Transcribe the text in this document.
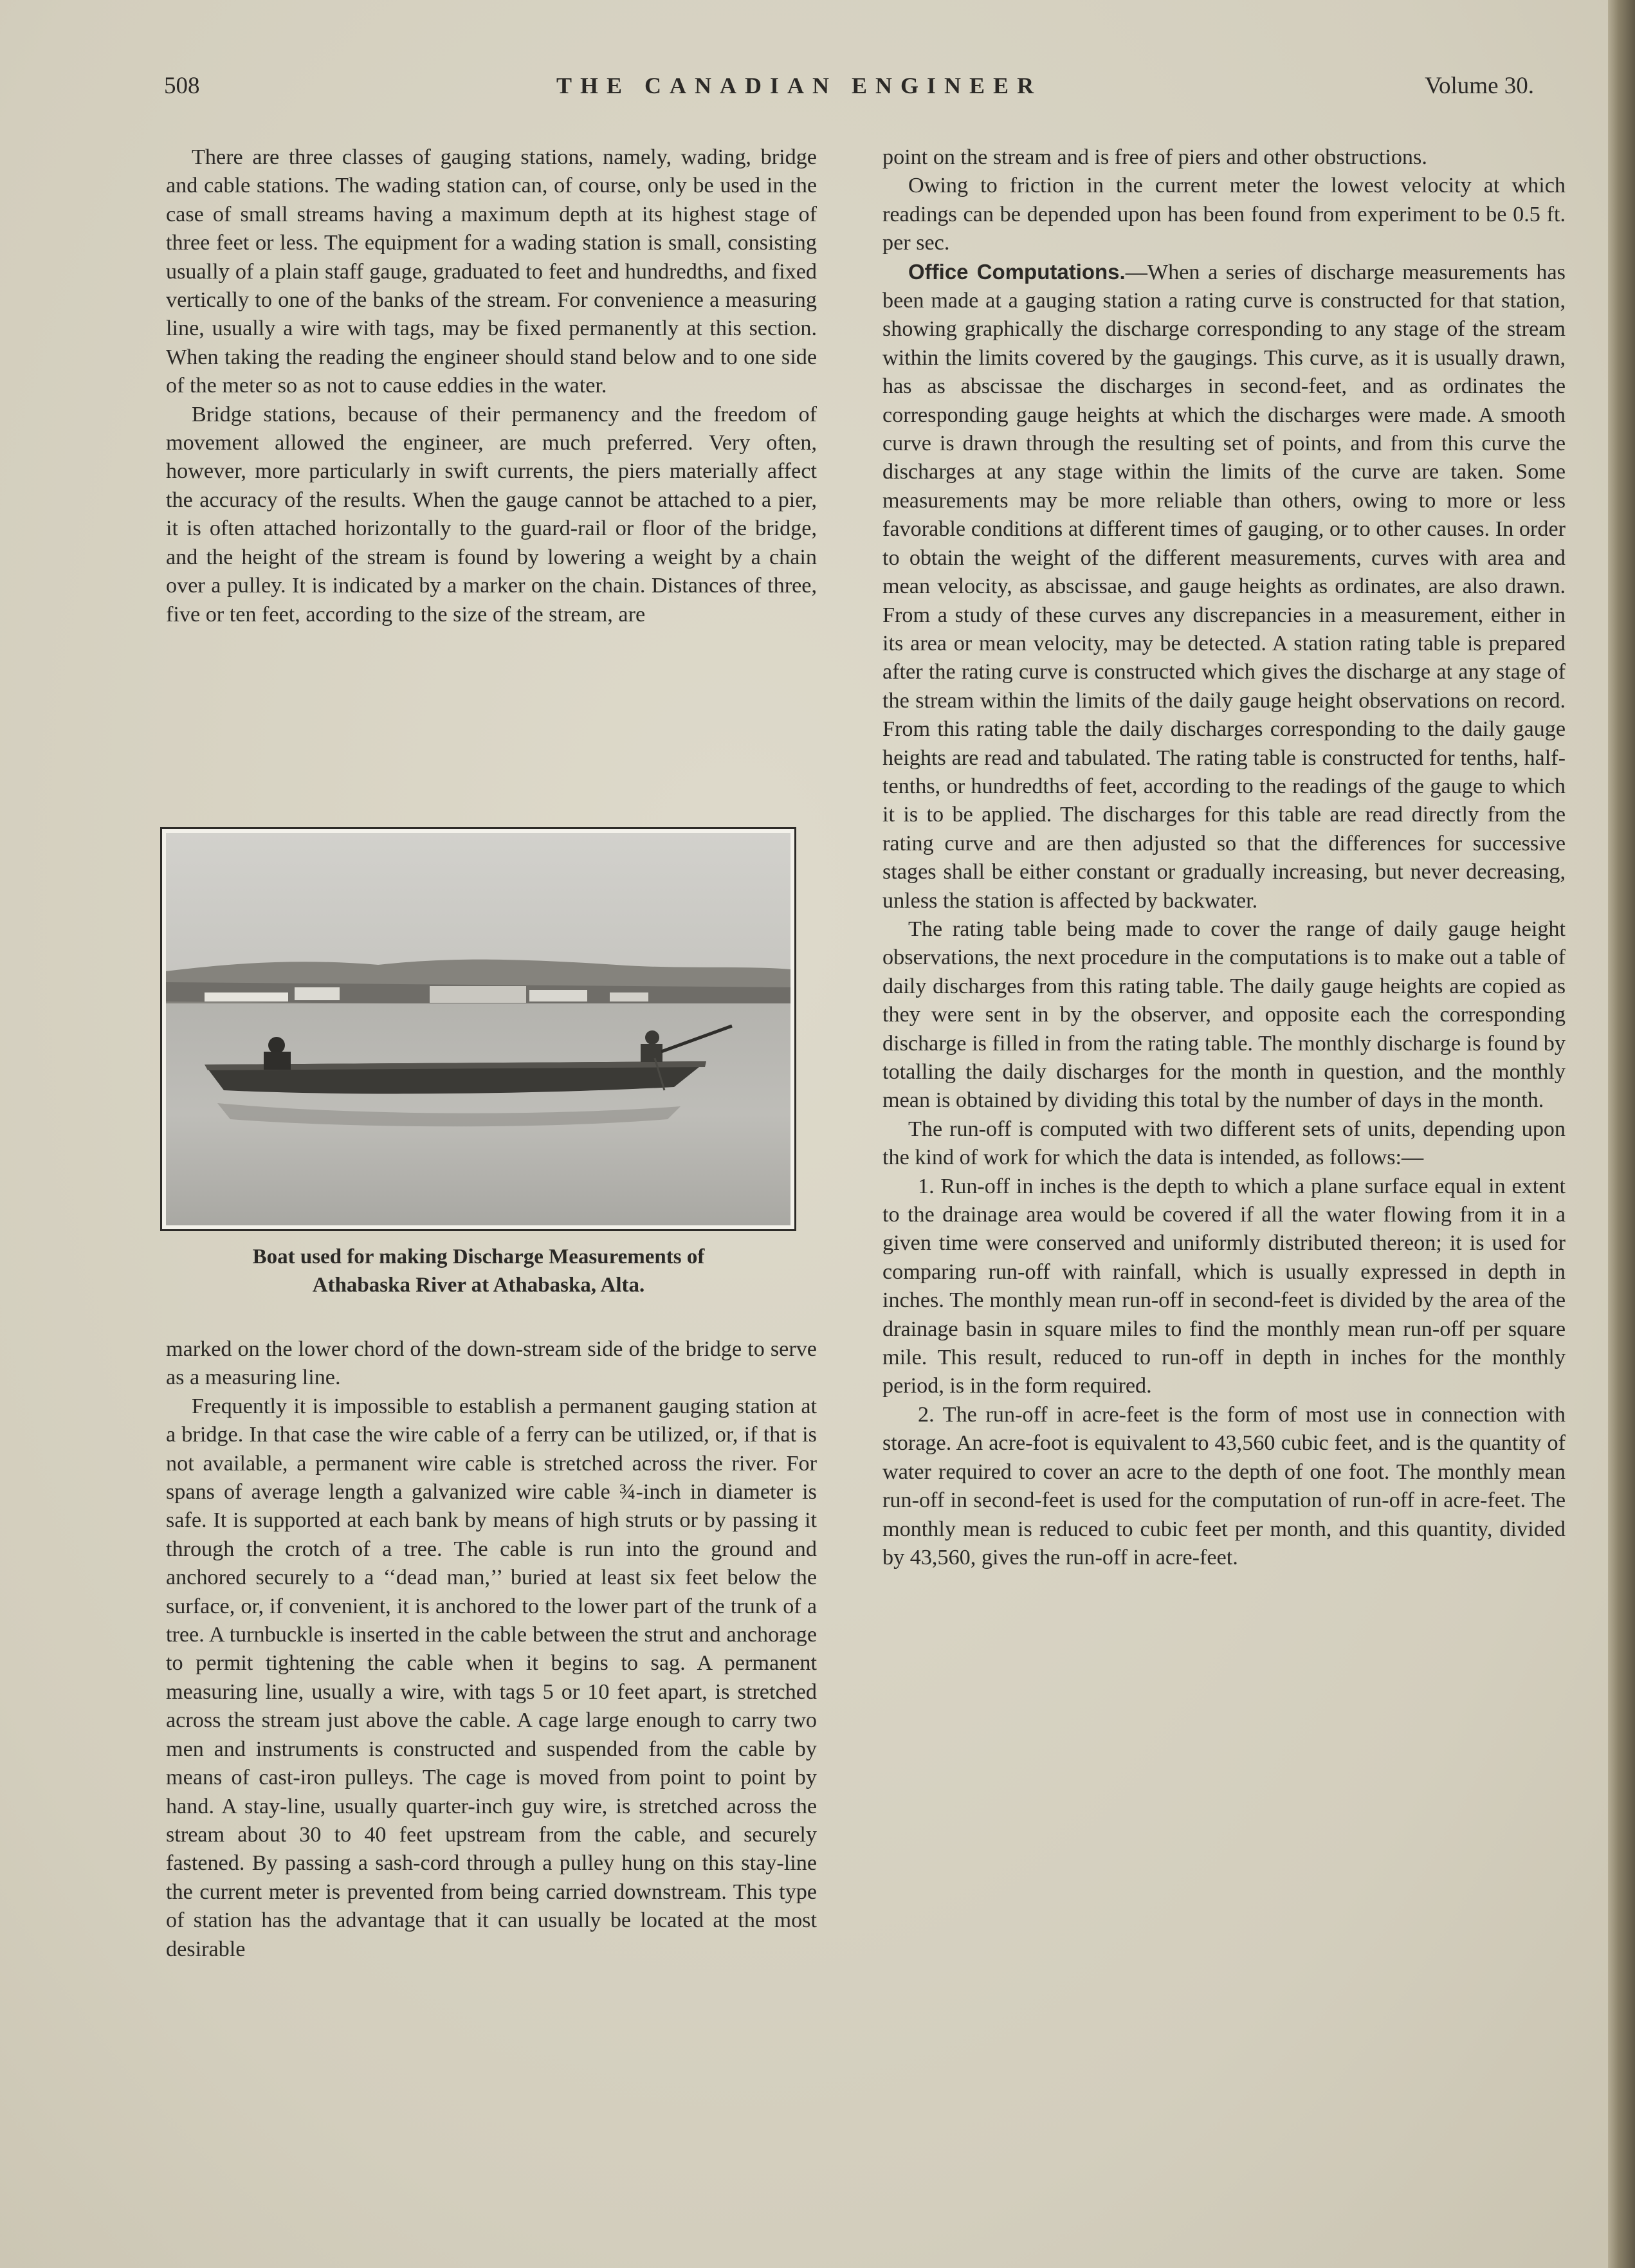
508	THE CANADIAN ENGINEER	Volume 30.

There are three classes of gauging stations, namely, wading, bridge and cable stations. The wading station can, of course, only be used in the case of small streams having a maximum depth at its highest stage of three feet or less. The equipment for a wading station is small, consisting usually of a plain staff gauge, graduated to feet and hundredths, and fixed vertically to one of the banks of the stream. For convenience a measuring line, usually a wire with tags, may be fixed permanently at this section. When taking the reading the engineer should stand below and to one side of the meter so as not to cause eddies in the water.

Bridge stations, because of their permanency and the freedom of movement allowed the engineer, are much preferred. Very often, however, more particularly in swift currents, the piers materially affect the accuracy of the results. When the gauge cannot be attached to a pier, it is often attached horizontally to the guard-rail or floor of the bridge, and the height of the stream is found by lowering a weight by a chain over a pulley. It is indicated by a marker on the chain. Distances of three, five or ten feet, according to the size of the stream, are

Boat used for making Discharge Measurements of
Athabaska River at Athabaska, Alta.

marked on the lower chord of the down-stream side of the bridge to serve as a measuring line.

Frequently it is impossible to establish a permanent gauging station at a bridge. In that case the wire cable of a ferry can be utilized, or, if that is not available, a permanent wire cable is stretched across the river. For spans of average length a galvanized wire cable ¾-inch in diameter is safe. It is supported at each bank by means of high struts or by passing it through the crotch of a tree. The cable is run into the ground and anchored securely to a ‘‘dead man,’’ buried at least six feet below the surface, or, if convenient, it is anchored to the lower part of the trunk of a tree. A turnbuckle is inserted in the cable between the strut and anchorage to permit tightening the cable when it begins to sag. A permanent measuring line, usually a wire, with tags 5 or 10 feet apart, is stretched across the stream just above the cable. A cage large enough to carry two men and instruments is constructed and suspended from the cable by means of cast-iron pulleys. The cage is moved from point to point by hand. A stay-line, usually quarter-inch guy wire, is stretched across the stream about 30 to 40 feet upstream from the cable, and securely fastened. By passing a sash-cord through a pulley hung on this stay-line the current meter is prevented from being carried downstream. This type of station has the advantage that it can usually be located at the most desirable

point on the stream and is free of piers and other obstructions.

Owing to friction in the current meter the lowest velocity at which readings can be depended upon has been found from experiment to be 0.5 ft. per sec.

Office Computations.—When a series of discharge measurements has been made at a gauging station a rating curve is constructed for that station, showing graphically the discharge corresponding to any stage of the stream within the limits covered by the gaugings. This curve, as it is usually drawn, has as abscissae the discharges in second-feet, and as ordinates the corresponding gauge heights at which the discharges were made. A smooth curve is drawn through the resulting set of points, and from this curve the discharges at any stage within the limits of the curve are taken. Some measurements may be more reliable than others, owing to more or less favorable conditions at different times of gauging, or to other causes. In order to obtain the weight of the different measurements, curves with area and mean velocity, as abscissae, and gauge heights as ordinates, are also drawn. From a study of these curves any discrepancies in a measurement, either in its area or mean velocity, may be detected. A station rating table is prepared after the rating curve is constructed which gives the discharge at any stage of the stream within the limits of the daily gauge height observations on record. From this rating table the daily discharges corresponding to the daily gauge heights are read and tabulated. The rating table is constructed for tenths, half-tenths, or hundredths of feet, according to the readings of the gauge to which it is to be applied. The discharges for this table are read directly from the rating curve and are then adjusted so that the differences for successive stages shall be either constant or gradually increasing, but never decreasing, unless the station is affected by backwater.

The rating table being made to cover the range of daily gauge height observations, the next procedure in the computations is to make out a table of daily discharges from this rating table. The daily gauge heights are copied as they were sent in by the observer, and opposite each the corresponding discharge is filled in from the rating table. The monthly discharge is found by totalling the daily discharges for the month in question, and the monthly mean is obtained by dividing this total by the number of days in the month.

The run-off is computed with two different sets of units, depending upon the kind of work for which the data is intended, as follows:—

1. Run-off in inches is the depth to which a plane surface equal in extent to the drainage area would be covered if all the water flowing from it in a given time were conserved and uniformly distributed thereon; it is used for comparing run-off with rainfall, which is usually expressed in depth in inches. The monthly mean run-off in second-feet is divided by the area of the drainage basin in square miles to find the monthly mean run-off per square mile. This result, reduced to run-off in depth in inches for the monthly period, is in the form required.

2. The run-off in acre-feet is the form of most use in connection with storage. An acre-foot is equivalent to 43,560 cubic feet, and is the quantity of water required to cover an acre to the depth of one foot. The monthly mean run-off in second-feet is used for the computation of run-off in acre-feet. The monthly mean is reduced to cubic feet per month, and this quantity, divided by 43,560, gives the run-off in acre-feet.
